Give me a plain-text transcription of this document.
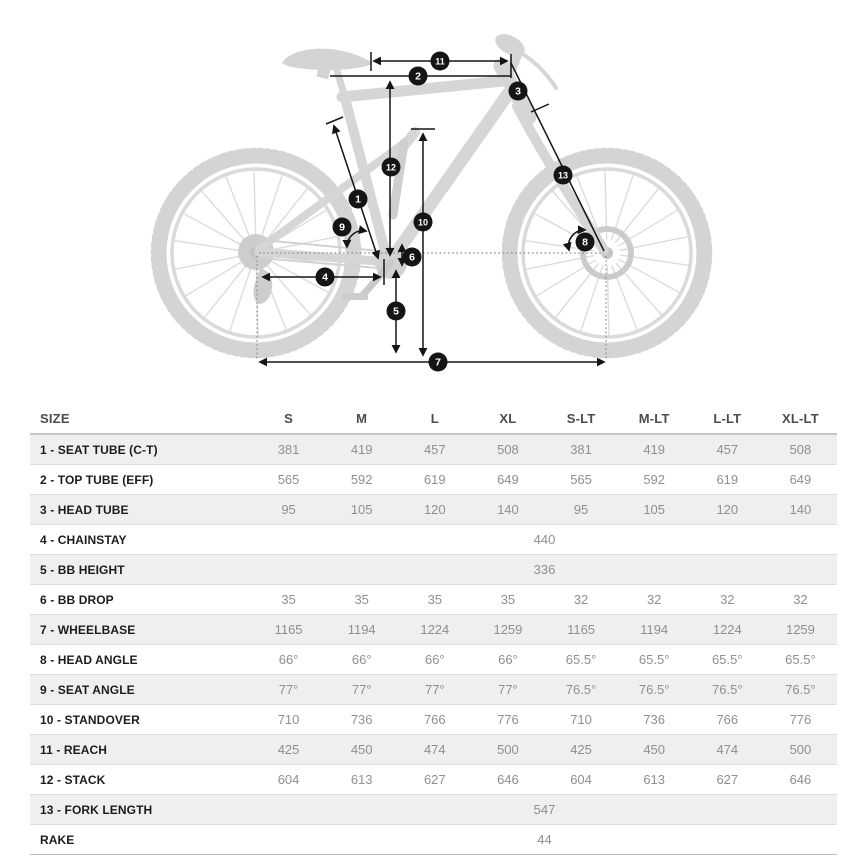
1
2
3
4
5
6
7
8
9	10
11
12
13
SIZE	S	M	L	XL	S-LT	M-LT	L-LT	XL-LT
1 - SEAT TUBE (C-T)	381	419	457	508	381	419	457	508
2 - TOP TUBE (EFF)	565	592	619	649	565	592	619	649
3 - HEAD TUBE	95	105	120	140	95	105	120	140
4 - CHAINSTAY	440							
5 - BB HEIGHT	336							
6 - BB DROP	35	35	35	35	32	32	32	32
7 - WHEELBASE	1165	1194	1224	1259	1165	1194	1224	1259
8 - HEAD ANGLE	66°	66°	66°	66°	65.5°	65.5°	65.5°	65.5°
9 - SEAT ANGLE	77°	77°	77°	77°	76.5°	76.5°	76.5°	76.5°
10 - STANDOVER	710	736	766	776	710	736	766	776
11 - REACH	425	450	474	500	425	450	474	500
12 - STACK	604	613	627	646	604	613	627	646
13 - FORK LENGTH	547							
RAKE	44							
